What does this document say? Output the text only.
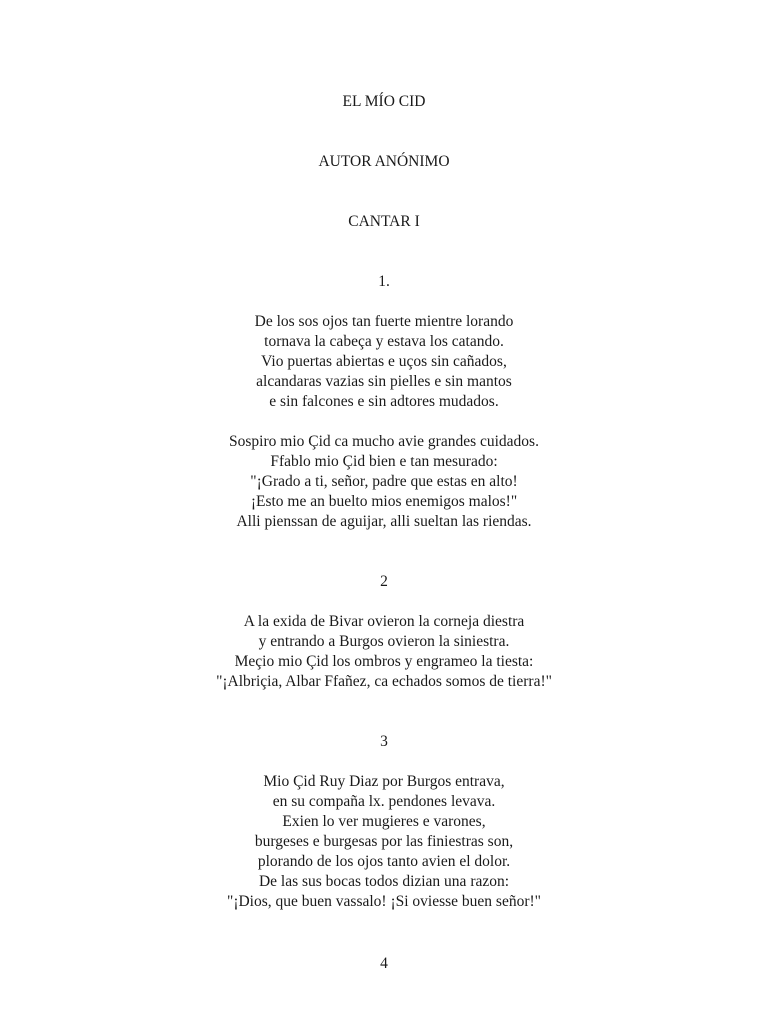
EL MÍO CID
AUTOR ANÓNIMO
CANTAR I
1.
De los sos ojos tan fuerte mientre lorando
tornava la cabeça y estava los catando.
Vio puertas abiertas e uços sin cañados,
alcandaras vazias sin pielles e sin mantos
e sin falcones e sin adtores mudados.
Sospiro mio Çid ca mucho avie grandes cuidados.
Ffablo mio Çid bien e tan mesurado:
"¡Grado a ti, señor, padre que estas en alto!
¡Esto me an buelto mios enemigos malos!"
Alli pienssan de aguijar, alli sueltan las riendas.
2
A la exida de Bivar ovieron la corneja diestra
y entrando a Burgos ovieron la siniestra.
Meçio mio Çid los ombros y engrameo la tiesta:
"¡Albriçia, Albar Ffañez, ca echados somos de tierra!"
3
Mio Çid Ruy Diaz por Burgos entrava,
en su compaña lx. pendones levava.
Exien lo ver mugieres e varones,
burgeses e burgesas por las finiestras son,
plorando de los ojos tanto avien el dolor.
De las sus bocas todos dizian una razon:
"¡Dios, que buen vassalo! ¡Si oviesse buen señor!"
4
